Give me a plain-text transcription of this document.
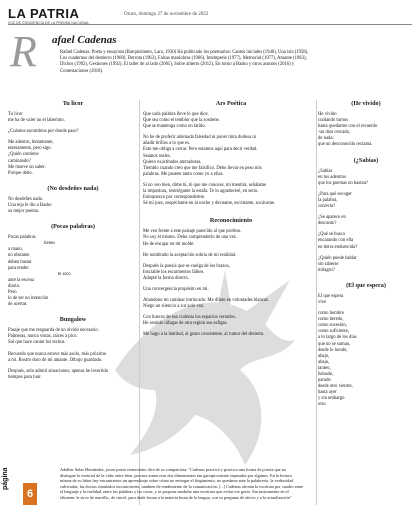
LA PATRIA
VOZ DE CONCIENCIA DE LA PRENSA NACIONAL
Oruro, domingo 27 de noviembre de 2022
R afael Cadenas
Rafael Cadenas. Poeta y ensayista (Barquisimeto, Lara, 1930) Ha publicado los poemarios: Cantos iniciales (1946), Una isla (1958),
Los cuadernos del destierro (1960), Derrota (1963), Falsas maniobras (1966), Intemperie (1977), Memorial (1977), Amante (1983),
Dichos (1992), Gestiones (1992), El taller de al lado (2005), Sobre abierto (2012), En torno a Basho y otros asuntos (2016) y
Contestaciones (2018).
Tu licor
Tu licor
me ha de valer un el laberinto.
¿Cuántos escombros por donde paso?
Me adentro, lentamente,
enteramente, pero sigo.
¿Quién contiene
caminando?
Me mueve un saber.
Porque debo.
(No desdeñes nada)
No desdeñes nada.
Una teja le dio a Basho
su mejor poema.
(Pocas palabras)
Pocas palabras
tienes
a mano,
no obstante
deben bastar
para tender
te arco
ante la escena
diaria.
Pero
lo de ser un intención
de acertar.
Bungalow
Pasaje que me resguarda de un olvido necesario.
Palmeras, nunca vistas, raíces a pico.
Sol que hace cantar los techos.
Recuerdo que nunca estuve más asolo, más próximo
a mí. Rostro duro de mi amante. Dibujo guardado.
Después, solo admití situaciones; apenas he invertido
tiempos para huir.
Ars Poética
Que cada palabra lleve lo que dice.
Que sea como el temblor que la sostiene.
Que se mantenga como un latido.
No he de proferir adornada falsedad ni poner tinta dudosa ni
añadir brillos a lo que es.
Esto me obliga a cerrar. Pero estamos aquí para decir verdad.
Seamos reales.
Quiero exactitudes aterradoras.
Tiemblo cuando creo que me falsifico. Debo llevar en peso mis
palabras. Me poseen tanto como yo a ellas.
Si no veo bien, dime tú, tú que me conoces, mi mentira, señálame
la impostura, restriégame la estafa. Te lo agradeceré, en serio.
Enloquezco por corresponderme.
Sé mi juez, sospéchame en la noche y devuame, escúrtame, socávame.
Reconocimiento
Me veo frente a este paisaje parecido al que profeso.
No soy el mismo. Debo comprenderlo de una vez.
He de encajar en mi molde.
He nombrado la aceptación sobria de mi realidad.
Después la poesía que se cuelga de los brazos,
Insciable los escarmentos fálkes.
Adopté la forma directo.
Una convergencia propósito en mí.
Abandono mi caminar intrincado. Me dilato en voluntades blancas.
Niego un silencio a sur solo voz.
Con huecos de esa violenta los espacios cerrados.
He sentido ráfagas de otra región sus esfigas.
Me hago a la lentitud, al gusto consistente, al rumor del desierto.
(He vivido)
He vivido
cuidando turnos
hasta quedarme con el recuerdo
-un dios cercado,
de nada;
que un desconocido reclama.
(¿Sabías)
¿Sabías
en tus adentros
que los poemas no bastan?
¿Para qué escoger
la palabra,
correcta?
¿Se aparece en
descanto?
¿Qué se busca
encarando con ella
en tierra endurecida?
¿Quién puede hablar
sin saberse
milagro?
(El que espera)
El que espera
vive
como hombre
como heredo,
como sucesión,
como suficiente,
a lo largo de los días
que no se suman,
desde lo hondo,
abajo,
abajo,
tanteo,
balsado,
parado
desde otro vientre,
hasta ayer
y sin embargo
otro.
Adalber Salas Hernández, joven poeta venezolano dice de su compatriota: "Cadenas practicó y practica una forma de poesía que no
distingue lo esencial de la vida; entre bien, procura aunar esas dos dimensiones tan garrapiconente separadas por algunos. En la lectura
misma de su labor hay encontramos un aprendizaje sobre cómo no entregar el fingimiento, no quedarse ante la palabrería. la verbosidad
cultivadas, las doctos simulados inconscientes, tambien de rendimiento de la comunicación. [...] Cadenas afronta la escritura por cuadro entre
el lenguaje y la realidad, entre las palabras y las cosas, y se propone modular una escritura que evitar ese gesto. Sin instrumento en el
idionem: le sirve de martillo, de cincel, para darle forma a la materia bruta de la lengua, con su pregunta de afecto y a la actualización"
página
6
